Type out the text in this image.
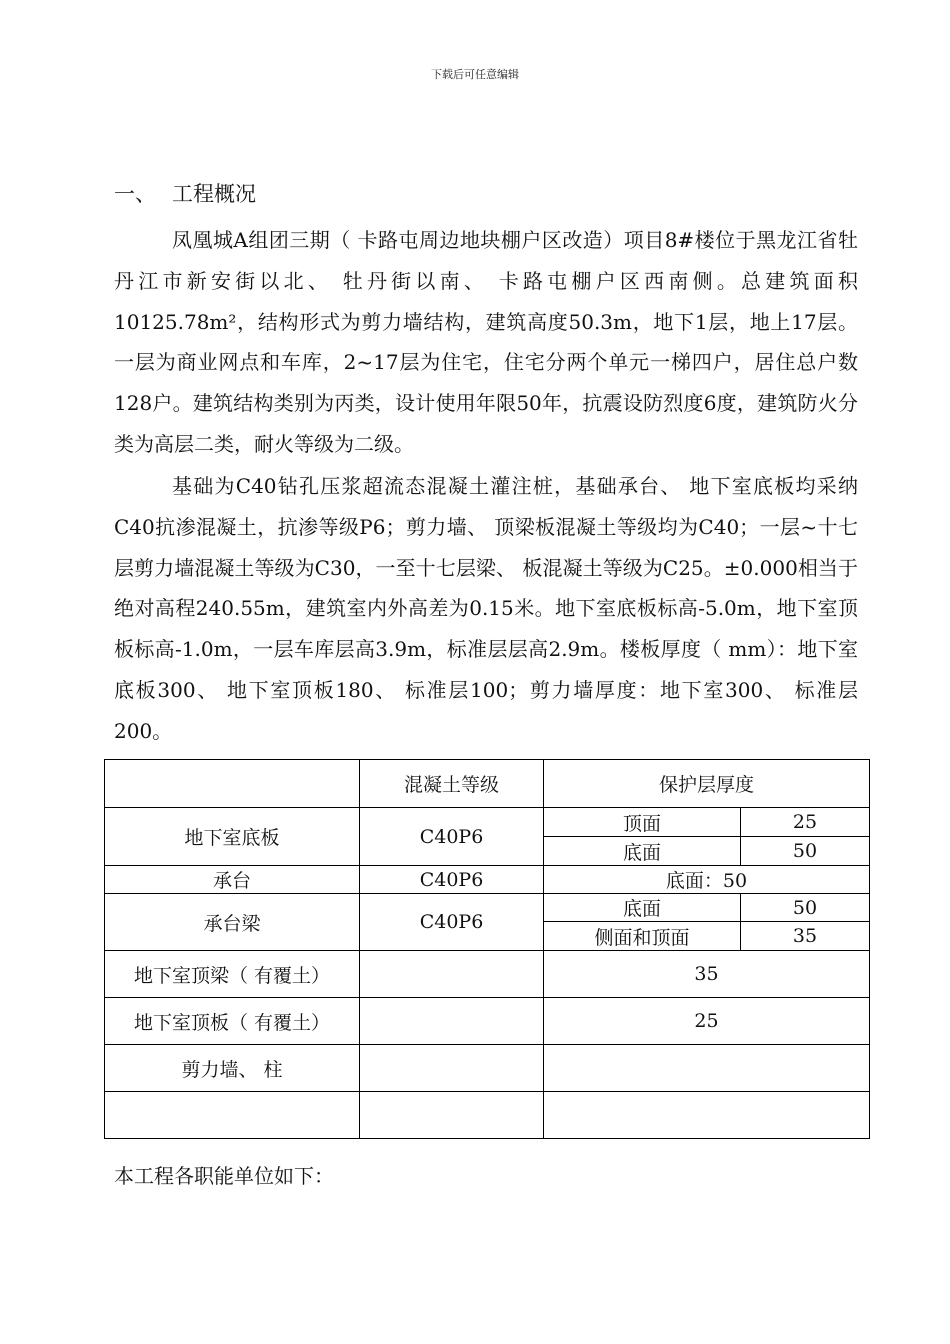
下载后可任意编辑
一、 工程概况

凤凰城A组团三期（ 卡路屯周边地块棚户区改造）项目8#楼位于黑龙江省牡丹江市新安街以北、 牡丹街以南、 卡路屯棚户区西南侧。总建筑面积10125.78m²，结构形式为剪力墙结构，建筑高度50.3m，地下1层，地上17层。一层为商业网点和车库，2~17层为住宅，住宅分两个单元一梯四户，居住总户数128户。建筑结构类别为丙类，设计使用年限50年，抗震设防烈度6度，建筑防火分类为高层二类，耐火等级为二级。

基础为C40钻孔压浆超流态混凝土灌注桩，基础承台、 地下室底板均采纳C40抗渗混凝土，抗渗等级P6；剪力墙、 顶梁板混凝土等级均为C40；一层~十七层剪力墙混凝土等级为C30，一至十七层梁、 板混凝土等级为C25。±0.000相当于绝对高程240.55m，建筑室内外高差为0.15米。地下室底板标高-5.0m，地下室顶板标高-1.0m，一层车库层高3.9m，标准层层高2.9m。楼板厚度（ mm）：地下室底板300、 地下室顶板180、 标准层100；剪力墙厚度：地下室300、 标准层200。

	混凝土等级	保护层厚度	
地下室底板	C40P6	顶面	25
		底面	50
承台	C40P6	底面：50	
承台梁	C40P6	底面	50
		侧面和顶面	35
地下室顶梁（ 有覆土）		35	
地下室顶板（ 有覆土）		25	
剪力墙、 柱			

本工程各职能单位如下：
